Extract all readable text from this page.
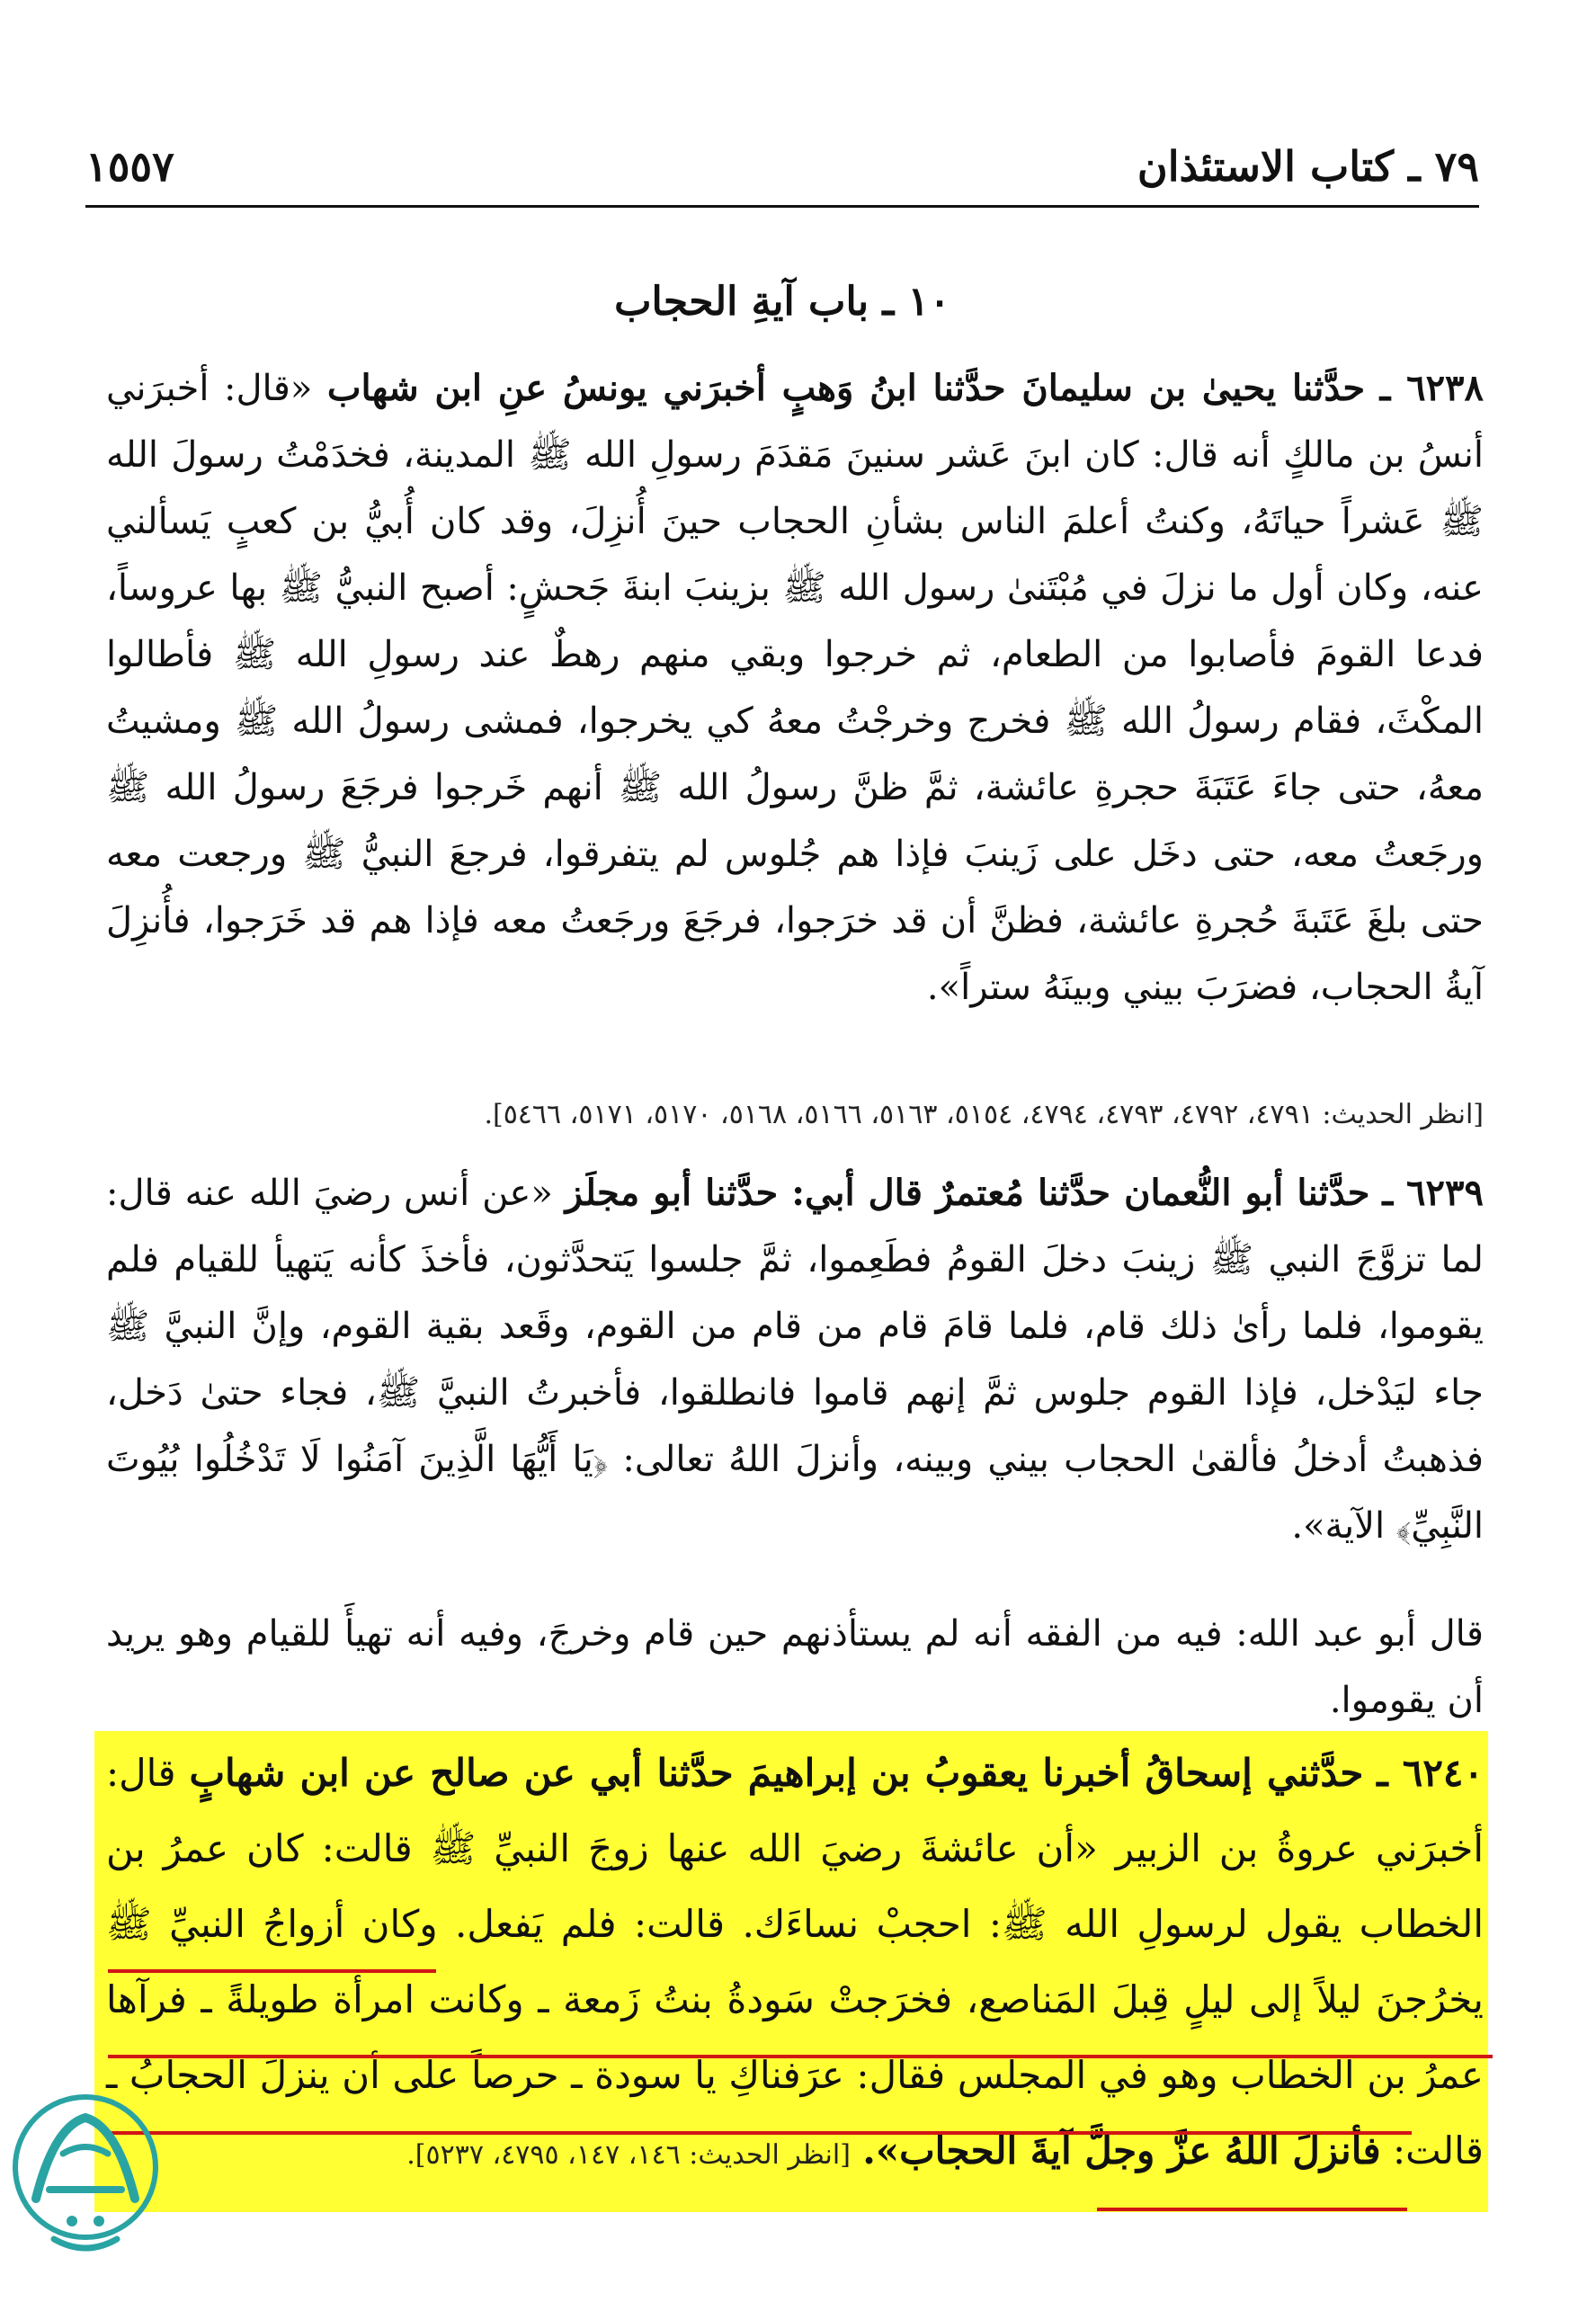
٧٩ ـ كتاب الاستئذان
١٥٥٧
١٠ ـ باب آيةِ الحجاب
٦٢٣٨ ـ حدَّثنا يحيىٰ بن سليمانَ حدَّثنا ابنُ وَهبٍ أخبرَني يونسُ عنِ ابن شهاب «قال: أخبرَني أنسُ بن مالكٍ أنه قال: كان ابنَ عَشر سنينَ مَقدَمَ رسولِ الله ﷺ المدينة، فخدَمْتُ رسولَ الله ﷺ عَشراً حياتَهُ، وكنتُ أعلمَ الناس بشأنِ الحجاب حينَ أُنزِلَ، وقد كان أُبيُّ بن كعبٍ يَسألني عنه، وكان أول ما نزلَ في مُبْتَنىٰ رسول الله ﷺ بزينبَ ابنةَ جَحشٍ: أصبح النبيُّ ﷺ بها عروساً، فدعا القومَ فأصابوا من الطعام، ثم خرجوا وبقي منهم رهطٌ عند رسولِ الله ﷺ فأطالوا المكْثَ، فقام رسولُ الله ﷺ فخرج وخرجْتُ معهُ كي يخرجوا، فمشى رسولُ الله ﷺ ومشيتُ معهُ، حتى جاءَ عَتَبَةَ حجرةِ عائشة، ثمَّ ظنَّ رسولُ الله ﷺ أنهم خَرجوا فرجَعَ رسولُ الله ﷺ ورجَعتُ معه، حتى دخَل على زَينبَ فإذا هم جُلوس لم يتفرقوا، فرجعَ النبيُّ ﷺ ورجعت معه حتى بلغَ عَتَبةَ حُجرةِ عائشة، فظنَّ أن قد خرَجوا، فرجَعَ ورجَعتُ معه فإذا هم قد خَرَجوا، فأُنزِلَ آيةُ الحجاب، فضرَبَ بيني وبينَهُ ستراً».
[انظر الحديث: ٤٧٩١، ٤٧٩٢، ٤٧٩٣، ٤٧٩٤، ٥١٥٤، ٥١٦٣، ٥١٦٦، ٥١٦٨، ٥١٧٠، ٥١٧١، ٥٤٦٦].
٦٢٣٩ ـ حدَّثنا أبو النُّعمان حدَّثنا مُعتمرٌ قال أبي: حدَّثنا أبو مجلَز «عن أنس رضيَ الله عنه قال: لما تزوَّجَ النبي ﷺ زينبَ دخلَ القومُ فطَعِموا، ثمَّ جلسوا يَتحدَّثون، فأخذَ كأنه يَتهيأ للقيام فلم يقوموا، فلما رأىٰ ذلك قام، فلما قامَ قام من قام من القوم، وقَعد بقية القوم، وإنَّ النبيَّ ﷺ جاء ليَدْخل، فإذا القوم جلوس ثمَّ إنهم قاموا فانطلقوا، فأخبرتُ النبيَّ ﷺ، فجاء حتىٰ دَخل، فذهبتُ أدخلُ فألقىٰ الحجاب بيني وبينه، وأنزلَ اللهُ تعالى: ﴿يَا أَيُّهَا الَّذِينَ آمَنُوا لَا تَدْخُلُوا بُيُوتَ النَّبِيِّ﴾ الآية».
قال أبو عبد الله: فيه من الفقه أنه لم يستأذنهم حين قام وخرجَ، وفيه أنه تهيأَ للقيام وهو يريد أن يقوموا.
٦٢٤٠ ـ حدَّثني إسحاقُ أخبرنا يعقوبُ بن إبراهيمَ حدَّثنا أبي عن صالح عن ابن شهابٍ قال: أخبرَني عروةُ بن الزبير «أن عائشةَ رضيَ الله عنها زوجَ النبيِّ ﷺ قالت: كان عمرُ بن الخطاب يقول لرسولِ الله ﷺ: احجبْ نساءَك. قالت: فلم يَفعل. وكان أزواجُ النبيِّ ﷺ يخرُجنَ ليلاً إلى ليلٍ قِبلَ المَناصع، فخرَجتْ سَودةُ بنتُ زَمعة ـ وكانت امرأة طويلةً ـ فرآها عمرُ بن الخطاب وهو في المجلس فقال: عرَفناكِ يا سودة ـ حرصاً على أن ينزلَ الحجابُ ـ قالت: فأنزلَ اللهُ عزَّ وجلَّ آيةَ الحجاب». [انظر الحديث: ١٤٦، ١٤٧، ٤٧٩٥، ٥٢٣٧].
